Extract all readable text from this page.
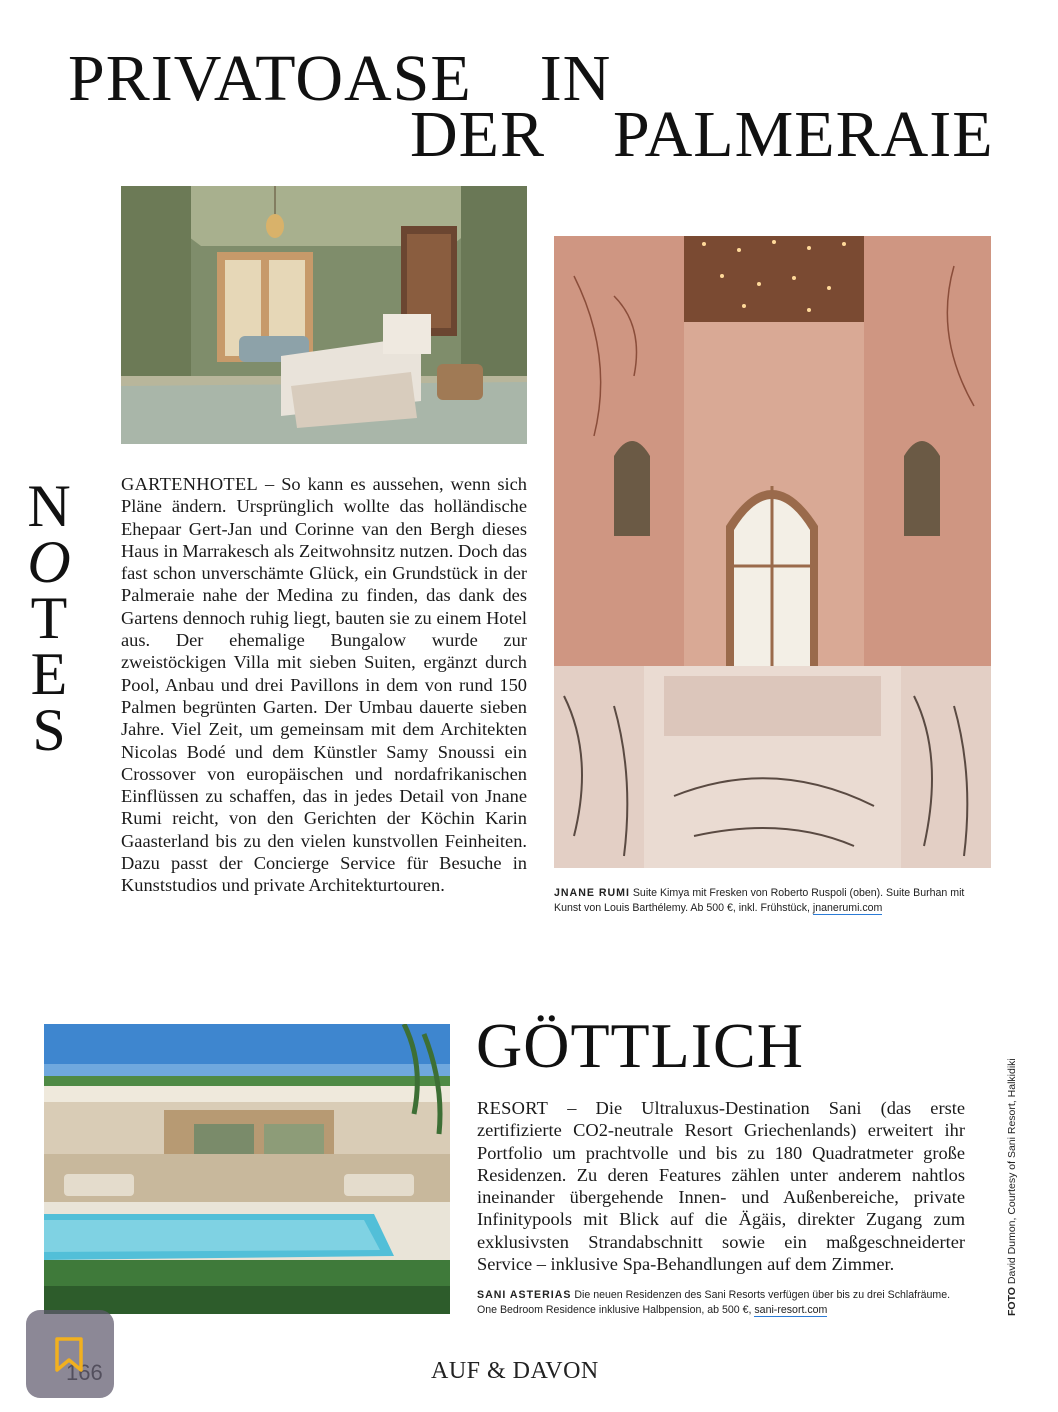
PRIVATOASE IN
DER PALMERAIE
N
O
T
E
S
GARTENHOTEL – So kann es aussehen, wenn sich Pläne ändern. Ursprünglich wollte das holländische Ehepaar Gert-Jan und Corinne van den Bergh dieses Haus in Marrakesch als Zeitwohnsitz nutzen. Doch das fast schon unverschämte Glück, ein Grundstück in der Palmeraie nahe der Medina zu finden, das dank des Gartens dennoch ruhig liegt, bauten sie zu einem Hotel aus. Der ehemalige Bungalow wurde zur zweistöckigen Villa mit sieben Suiten, ergänzt durch Pool, Anbau und drei Pavillons in dem von rund 150 Palmen begrünten Garten. Der Umbau dauerte sieben Jahre. Viel Zeit, um gemeinsam mit dem Architekten Nicolas Bodé und dem Künstler Samy Snoussi ein Crossover von europäischen und nordafrikanischen Einflüssen zu schaffen, das in jedes Detail von Jnane Rumi reicht, von den Gerichten der Köchin Karin Gaasterland bis zu den vielen kunstvollen Feinheiten. Dazu passt der Concierge Service für Besuche in Kunststudios und private Architekturtouren.	JNANE RUMI Suite Kimya mit Fresken von Roberto Ruspoli (oben). Suite Burhan mit Kunst von Louis Barthélemy. Ab 500 €, inkl. Frühstück, jnanerumi.com
GÖTTLICH
RESORT – Die Ultraluxus-Destination Sani (das erste zertifizierte CO2-neutrale Resort Griechenlands) erweitert ihr Portfolio um prachtvolle und bis zu 180 Quadratmeter große Residenzen. Zu deren Features zählen unter anderem nahtlos ineinander übergehende Innen- und Außenbereiche, private Infinitypools mit Blick auf die Ägäis, direkter Zugang zum exklusivsten Strandabschnitt sowie ein maßgeschneiderter Service – inklusive Spa-Behandlungen auf dem Zimmer.
SANI ASTERIAS Die neuen Residenzen des Sani Resorts verfügen über bis zu drei Schlafräume. One Bedroom Residence inklusive Halbpension, ab 500 €, sani-resort.com	FOTO David Dumon, Courtesy of Sani Resort, Halkidiki
AUF & DAVON
